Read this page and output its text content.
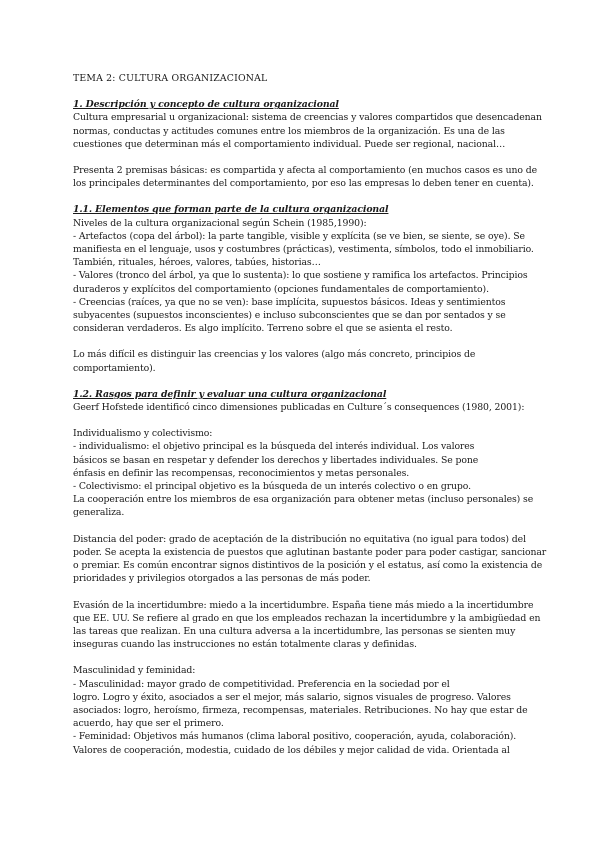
TEMA 2: CULTURA ORGANIZACIONAL

1. Descripción y concepto de cultura organizacional

Cultura empresarial u organizacional: sistema de creencias y valores compartidos que desencadenan
normas, conductas y actitudes comunes entre los miembros de la organización. Es una de las
cuestiones que determinan más el comportamiento individual. Puede ser regional, nacional…

Presenta 2 premisas básicas: es compartida y afecta al comportamiento (en muchos casos es uno de
los principales determinantes del comportamiento, por eso las empresas lo deben tener en cuenta).

1.1. Elementos que forman parte de la cultura organizacional

Niveles de la cultura organizacional según Schein (1985,1990):
- Artefactos (copa del árbol): la parte tangible, visible y explícita (se ve bien, se siente, se oye). Se
manifiesta en el lenguaje, usos y costumbres (prácticas), vestimenta, símbolos, todo el inmobiliario.
También, rituales, héroes, valores, tabúes, historias…
- Valores (tronco del árbol, ya que lo sustenta): lo que sostiene y ramifica los artefactos. Principios
duraderos y explícitos del comportamiento (opciones fundamentales de comportamiento).
- Creencias (raíces, ya que no se ven): base implícita, supuestos básicos. Ideas y sentimientos
subyacentes (supuestos inconscientes) e incluso subconscientes que se dan por sentados y se
consideran verdaderos. Es algo implícito. Terreno sobre el que se asienta el resto.

Lo más difícil es distinguir las creencias y los valores (algo más concreto, principios de
comportamiento).

1.2. Rasgos para definir y evaluar una cultura organizacional

Geerf Hofstede identificó cinco dimensiones publicadas en Culture´s consequences (1980, 2001):

Individualismo y colectivismo:
- individualismo: el objetivo principal es la búsqueda del interés individual. Los valores
básicos se basan en respetar y defender los derechos y libertades individuales. Se pone
énfasis en definir las recompensas, reconocimientos y metas personales.
- Colectivismo: el principal objetivo es la búsqueda de un interés colectivo o en grupo.
La cooperación entre los miembros de esa organización para obtener metas (incluso personales) se
generaliza.

Distancia del poder: grado de aceptación de la distribución no equitativa (no igual para todos) del
poder. Se acepta la existencia de puestos que aglutinan bastante poder para poder castigar, sancionar
o premiar. Es común encontrar signos distintivos de la posición y el estatus, así como la existencia de
prioridades y privilegios otorgados a las personas de más poder.

Evasión de la incertidumbre: miedo a la incertidumbre. España tiene más miedo a la incertidumbre
que EE. UU. Se refiere al grado en que los empleados rechazan la incertidumbre y la ambigüedad en
las tareas que realizan. En una cultura adversa a la incertidumbre, las personas se sienten muy
inseguras cuando las instrucciones no están totalmente claras y definidas.

Masculinidad y feminidad:
- Masculinidad: mayor grado de competitividad. Preferencia en la sociedad por el
logro. Logro y éxito, asociados a ser el mejor, más salario, signos visuales de progreso. Valores
asociados: logro, heroísmo, firmeza, recompensas, materiales. Retribuciones. No hay que estar de
acuerdo, hay que ser el primero.
- Feminidad: Objetivos más humanos (clima laboral positivo, cooperación, ayuda, colaboración).
Valores de cooperación, modestia, cuidado de los débiles y mejor calidad de vida. Orientada al
